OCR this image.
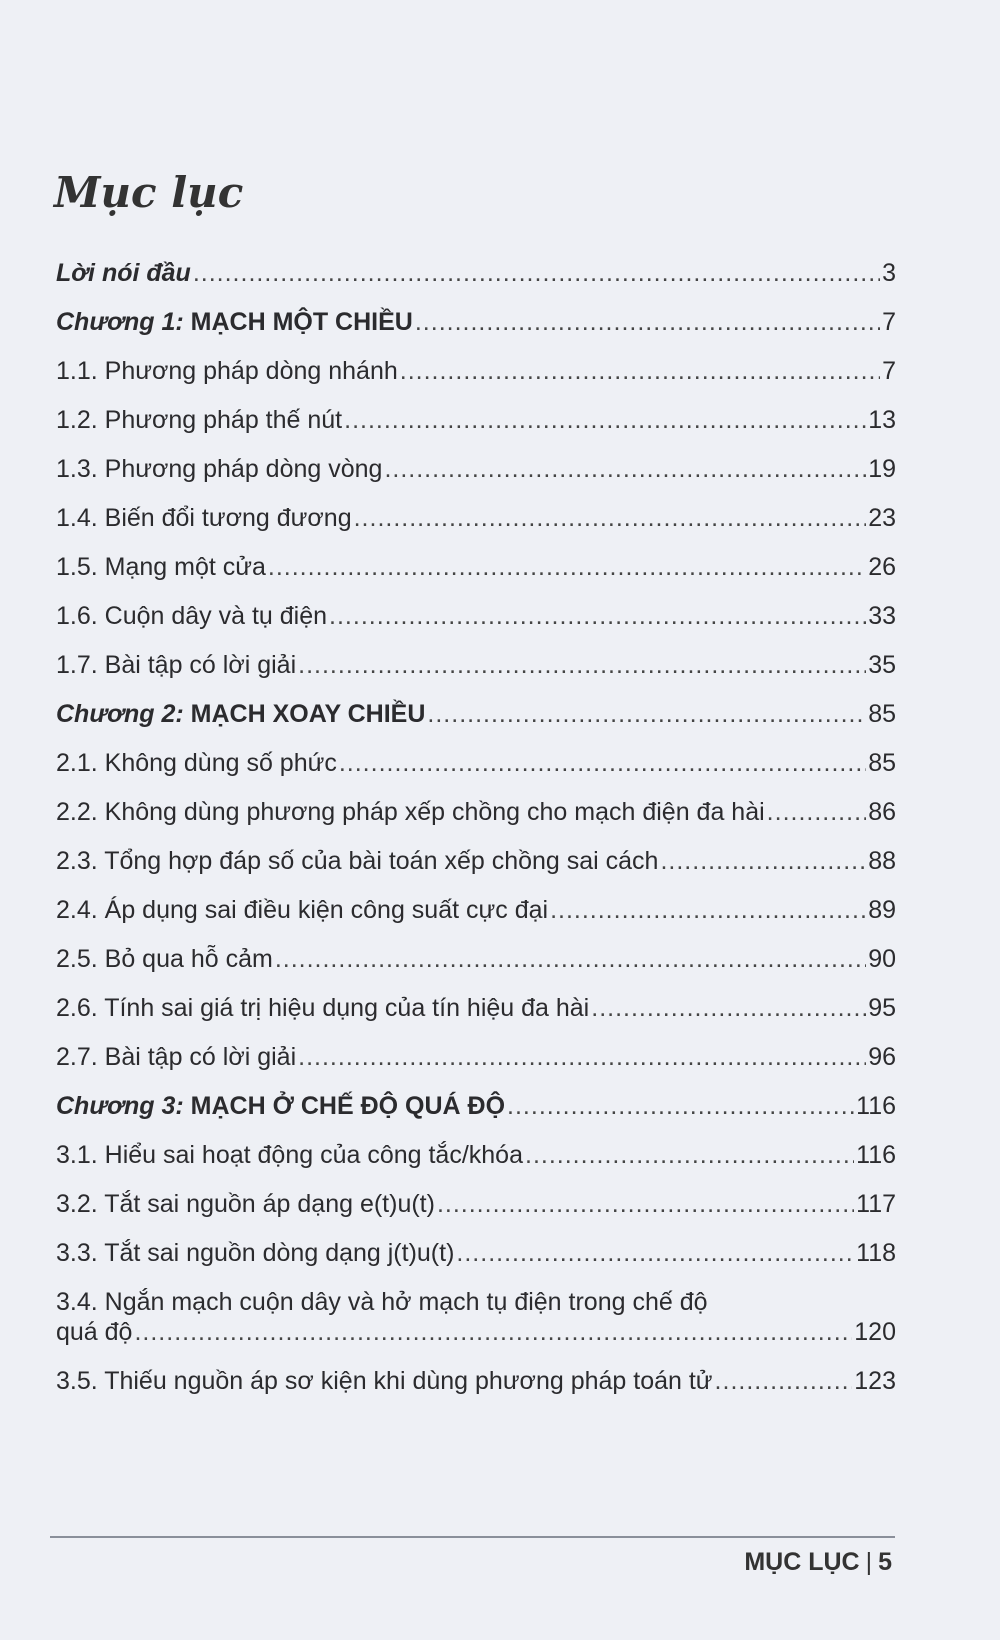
Mục lục
Lời nói đầu .....	3
Chương 1: MẠCH MỘT CHIỀU .....	7
1.1. Phương pháp dòng nhánh .....	7
1.2. Phương pháp thế nút .....	13
1.3. Phương pháp dòng vòng .....	19
1.4. Biến đổi tương đương .....	23
1.5. Mạng một cửa .....	26
1.6. Cuộn dây và tụ điện .....	33
1.7. Bài tập có lời giải .....	35
Chương 2: MẠCH XOAY CHIỀU .....	85
2.1. Không dùng số phức .....	85
2.2. Không dùng phương pháp xếp chồng cho mạch điện đa hài .....	86
2.3. Tổng hợp đáp số của bài toán xếp chồng sai cách .....	88
2.4. Áp dụng sai điều kiện công suất cực đại .....	89
2.5. Bỏ qua hỗ cảm .....	90
2.6. Tính sai giá trị hiệu dụng của tín hiệu đa hài .....	95
2.7. Bài tập có lời giải .....	96
Chương 3: MẠCH Ở CHẾ ĐỘ QUÁ ĐỘ .....	116
3.1. Hiểu sai hoạt động của công tắc/khóa .....	116
3.2. Tắt sai nguồn áp dạng e(t)u(t) .....	117
3.3. Tắt sai nguồn dòng dạng j(t)u(t) .....	118
3.4. Ngắn mạch cuộn dây và hở mạch tụ điện trong chế độ
quá độ .....	120
3.5. Thiếu nguồn áp sơ kiện khi dùng phương pháp toán tử .....	123
MỤC LỤC | 5
